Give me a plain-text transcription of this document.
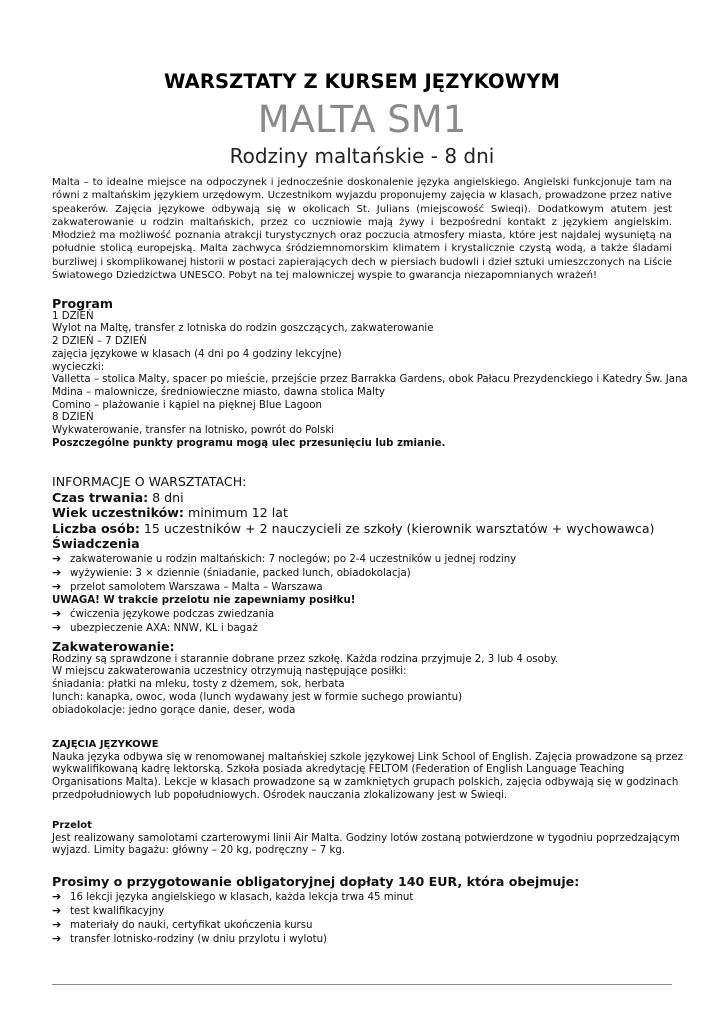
WARSZTATY Z KURSEM JĘZYKOWYM
MALTA SM1
Rodziny maltańskie - 8 dni
Malta – to idealne miejsce na odpoczynek i jednocześnie doskonalenie języka angielskiego. Angielski funkcjonuje tam na równi z maltańskim językiem urzędowym. Uczestnikom wyjazdu proponujemy zajęcia w klasach, prowadzone przez native speakerów. Zajęcia językowe odbywają się w okolicach St. Julians (miejscowość Swieqi). Dodatkowym atutem jest zakwaterowanie u rodzin maltańskich, przez co uczniowie mają żywy i bezpośredni kontakt z językiem angielskim. Młodzież ma możliwość poznania atrakcji turystycznych oraz poczucia atmosfery miasta, które jest najdalej wysuniętą na południe stolicą europejską. Malta zachwyca śródziemnomorskim klimatem i krystalicznie czystą wodą, a także śladami burzliwej i skomplikowanej historii w postaci zapierających dech w piersiach budowli i dzieł sztuki umieszczonych na Liście Światowego Dziedzictwa UNESCO. Pobyt na tej malowniczej wyspie to gwarancja niezapomnianych wrażeń!
Program
1 DZIEŃ
Wylot na Maltę, transfer z lotniska do rodzin goszczących, zakwaterowanie
2 DZIEŃ – 7 DZIEŃ
zajęcia językowe w klasach (4 dni po 4 godziny lekcyjne)
wycieczki:
Valletta – stolica Malty, spacer po mieście, przejście przez Barrakka Gardens, obok Pałacu Prezydenckiego i Katedry Św. Jana
Mdina – malownicze, średniowieczne miasto, dawna stolica Malty
Comino – plażowanie i kąpiel na pięknej Blue Lagoon
8 DZIEŃ
Wykwaterowanie, transfer na lotnisko, powrót do Polski
Poszczególne punkty programu mogą ulec przesunięciu lub zmianie.
INFORMACJE O WARSZTATACH:
Czas trwania: 8 dni
Wiek uczestników: minimum 12 lat
Liczba osób: 15 uczestników + 2 nauczycieli ze szkoły (kierownik warsztatów + wychowawca)
Świadczenia
➔ zakwaterowanie u rodzin maltańskich: 7 noclegów; po 2-4 uczestników u jednej rodziny
➔ wyżywienie: 3 × dziennie (śniadanie, packed lunch, obiadokolacja)
➔ przelot samolotem Warszawa – Malta – Warszawa
UWAGA! W trakcie przelotu nie zapewniamy posiłku!
➔ ćwiczenia językowe podczas zwiedzania
➔ ubezpieczenie AXA: NNW, KL i bagaż
Zakwaterowanie:
Rodziny są sprawdzone i starannie dobrane przez szkołę. Każda rodzina przyjmuje 2, 3 lub 4 osoby.
W miejscu zakwaterowania uczestnicy otrzymują następujące posiłki:
śniadania: płatki na mleku, tosty z dżemem, sok, herbata
lunch: kanapka, owoc, woda (lunch wydawany jest w formie suchego prowiantu)
obiadokolacje: jedno gorące danie, deser, woda
ZAJĘCIA JĘZYKOWE
Nauka języka odbywa się w renomowanej maltańskiej szkole językowej Link School of English. Zajęcia prowadzone są przez
wykwalifikowaną kadrę lektorską. Szkoła posiada akredytację FELTOM (Federation of English Language Teaching
Organisations Malta). Lekcje w klasach prowadzone są w zamkniętych grupach polskich, zajęcia odbywają się w godzinach
przedpołudniowych lub popołudniowych. Ośrodek nauczania zlokalizowany jest w Swieqi.
Przelot
Jest realizowany samolotami czarterowymi linii Air Malta. Godziny lotów zostaną potwierdzone w tygodniu poprzedzającym
wyjazd. Limity bagażu: główny – 20 kg, podręczny – 7 kg.
Prosimy o przygotowanie obligatoryjnej dopłaty 140 EUR, która obejmuje:
➔ 16 lekcji języka angielskiego w klasach, każda lekcja trwa 45 minut
➔ test kwalifikacyjny
➔ materiały do nauki, certyfikat ukończenia kursu
➔ transfer lotnisko-rodziny (w dniu przylotu i wylotu)
